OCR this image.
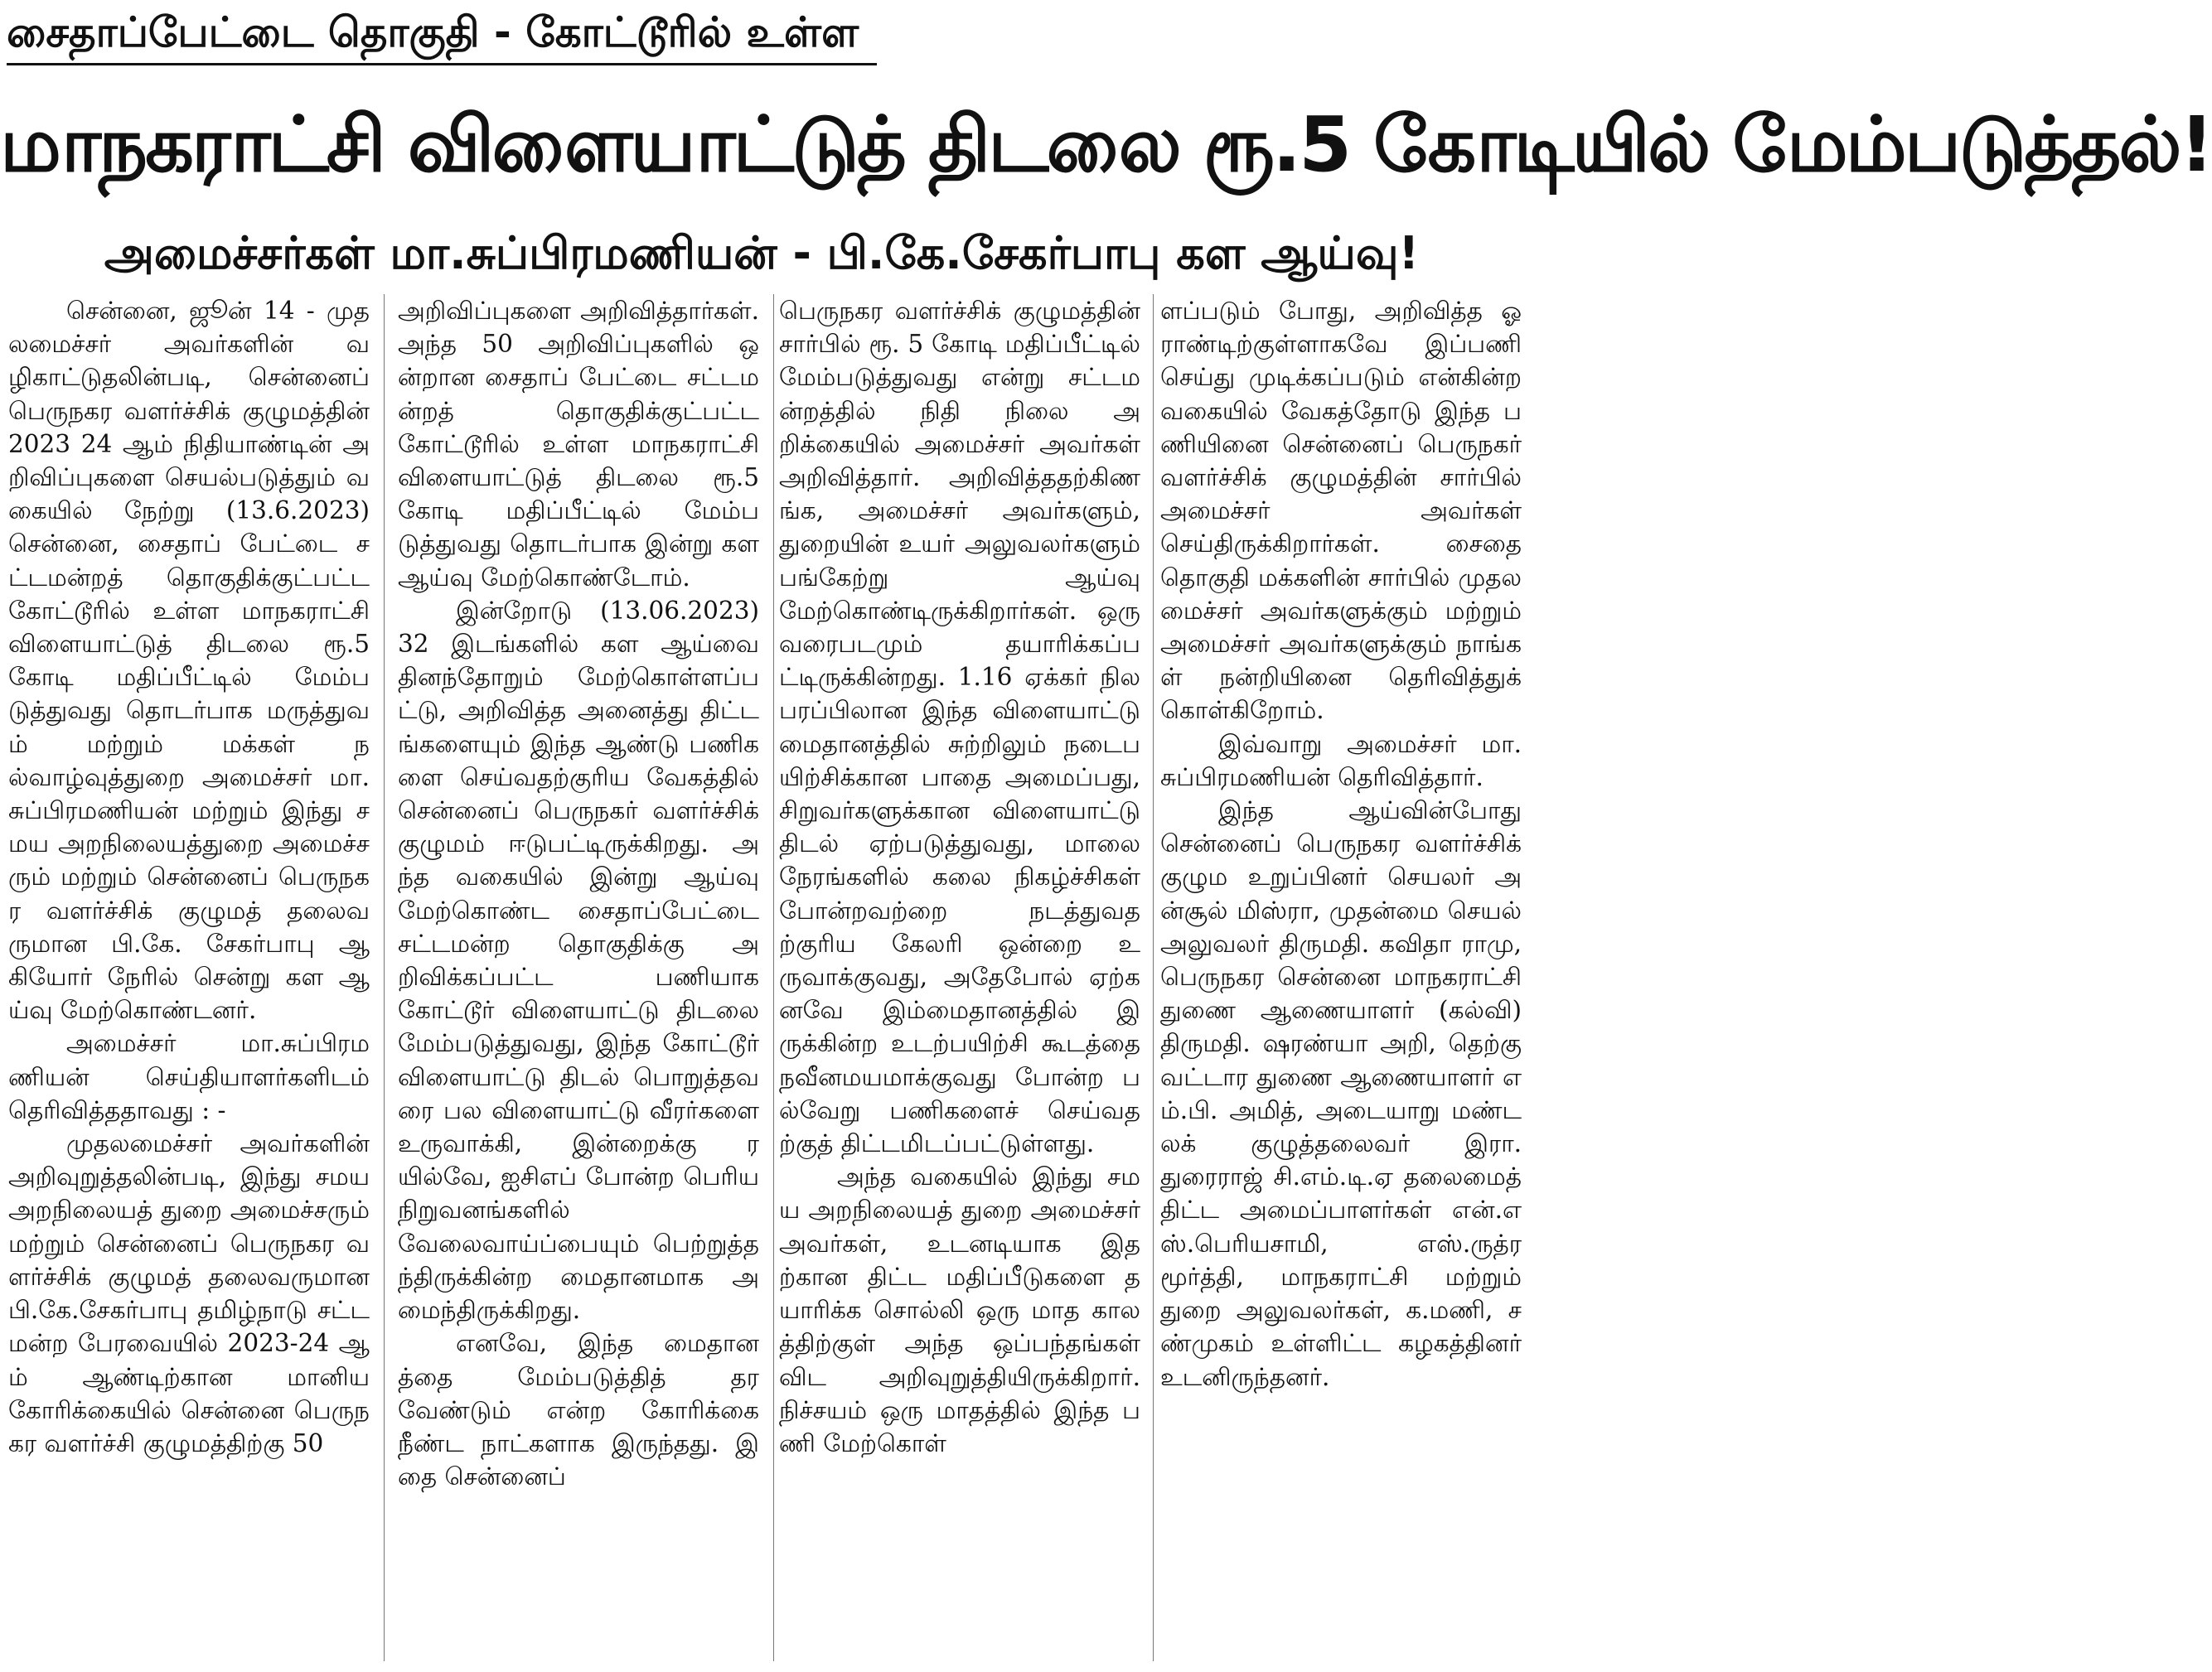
சைதாப்பேட்டை தொகுதி - கோட்டூரில் உள்ள
மாநகராட்சி விளையாட்டுத் திடலை ரூ.5 கோடியில் மேம்படுத்தல்!
அமைச்சர்கள் மா.சுப்பிரமணியன் - பி.கே.சேகர்பாபு கள ஆய்வு!

சென்னை, ஜூன் 14 - முதலமைச்சர் அவர்களின் வழிகாட்டுதலின்படி, சென்னைப் பெருநகர வளர்ச்சிக் குழுமத்தின் 2023 24 ஆம் நிதியாண்டின் அறிவிப்புகளை செயல்படுத்தும் வகையில் நேற்று (13.6.2023) சென்னை, சைதாப் பேட்டை சட்டமன்றத் தொகுதிக்குட்பட்ட கோட்டூரில் உள்ள மாநகராட்சி விளையாட்டுத் திடலை ரூ.5 கோடி மதிப்பீட்டில் மேம்படுத்துவது தொடர்பாக மருத்துவம் மற்றும் மக்கள் நல்வாழ்வுத்துறை அமைச்சர் மா.சுப்பிரமணியன் மற்றும் இந்து சமய அறநிலையத்துறை அமைச்சரும் மற்றும் சென்னைப் பெருநகர வளர்ச்சிக் குழுமத் தலைவருமான பி.கே. சேகர்பாபு ஆகியோர் நேரில் சென்று கள ஆய்வு மேற்கொண்டனர்.

அமைச்சர் மா.சுப்பிரமணியன் செய்தியாளர்களிடம் தெரிவித்ததாவது : -

முதலமைச்சர் அவர்களின் அறிவுறுத்தலின்படி, இந்து சமய அறநிலையத் துறை அமைச்சரும் மற்றும் சென்னைப் பெருநகர வளர்ச்சிக் குழுமத் தலைவருமான பி.கே.சேகர்பாபு தமிழ்நாடு சட்டமன்ற பேரவையில் 2023-24 ஆம் ஆண்டிற்கான மானிய கோரிக்கையில் சென்னை பெருநகர வளர்ச்சி குழுமத்திற்கு 50

அறிவிப்புகளை அறிவித்தார்கள். அந்த 50 அறிவிப்புகளில் ஒன்றான சைதாப் பேட்டை சட்டமன்றத் தொகுதிக்குட்பட்ட கோட்டூரில் உள்ள மாநகராட்சி விளையாட்டுத் திடலை ரூ.5 கோடி மதிப்பீட்டில் மேம்படுத்துவது தொடர்பாக இன்று கள ஆய்வு மேற்கொண்டோம்.

இன்றோடு (13.06.2023) 32 இடங்களில் கள ஆய்வை தினந்தோறும் மேற்கொள்ளப்பட்டு, அறிவித்த அனைத்து திட்டங்களையும் இந்த ஆண்டு பணிகளை செய்வதற்குரிய வேகத்தில் சென்னைப் பெருநகர் வளர்ச்சிக் குழுமம் ஈடுபட்டிருக்கிறது. அந்த வகையில் இன்று ஆய்வு மேற்கொண்ட சைதாப்பேட்டை சட்டமன்ற தொகுதிக்கு அறிவிக்கப்பட்ட பணியாக கோட்டூர் விளையாட்டு திடலை மேம்படுத்துவது, இந்த கோட்டூர் விளையாட்டு திடல் பொறுத்தவரை பல விளையாட்டு வீரர்களை உருவாக்கி, இன்றைக்கு ரயில்வே, ஐசிஎப் போன்ற பெரிய நிறுவனங்களில் வேலைவாய்ப்பையும் பெற்றுத்தந்திருக்கின்ற மைதானமாக அமைந்திருக்கிறது.

எனவே, இந்த மைதானத்தை மேம்படுத்தித் தர வேண்டும் என்ற கோரிக்கை நீண்ட நாட்களாக இருந்தது. இதை சென்னைப்

பெருநகர வளர்ச்சிக் குழுமத்தின் சார்பில் ரூ. 5 கோடி மதிப்பீட்டில் மேம்படுத்துவது என்று சட்டமன்றத்தில் நிதி நிலை அறிக்கையில் அமைச்சர் அவர்கள் அறிவித்தார். அறிவித்ததற்கிணங்க, அமைச்சர் அவர்களும், துறையின் உயர் அலுவலர்களும் பங்கேற்று ஆய்வு மேற்கொண்டிருக்கிறார்கள். ஒரு வரைபடமும் தயாரிக்கப்பட்டிருக்கின்றது. 1.16 ஏக்கர் நில பரப்பிலான இந்த விளையாட்டு மைதானத்தில் சுற்றிலும் நடைபயிற்சிக்கான பாதை அமைப்பது, சிறுவர்களுக்கான விளையாட்டு திடல் ஏற்படுத்துவது, மாலை நேரங்களில் கலை நிகழ்ச்சிகள் போன்றவற்றை நடத்துவதற்குரிய கேலரி ஒன்றை உருவாக்குவது, அதேபோல் ஏற்கனவே இம்மைதானத்தில் இருக்கின்ற உடற்பயிற்சி கூடத்தை நவீனமயமாக்குவது போன்ற பல்வேறு பணிகளைச் செய்வதற்குத் திட்டமிடப்பட்டுள்ளது.

அந்த வகையில் இந்து சமய அறநிலையத் துறை அமைச்சர் அவர்கள், உடனடியாக இதற்கான திட்ட மதிப்பீடுகளை தயாரிக்க சொல்லி ஒரு மாத காலத்திற்குள் அந்த ஒப்பந்தங்கள் விட அறிவுறுத்தியிருக்கிறார். நிச்சயம் ஒரு மாதத்தில் இந்த பணி மேற்கொள்

ளப்படும் போது, அறிவித்த ஓராண்டிற்குள்ளாகவே இப்பணி செய்து முடிக்கப்படும் என்கின்ற வகையில் வேகத்தோடு இந்த பணியினை சென்னைப் பெருநகர் வளர்ச்சிக் குழுமத்தின் சார்பில் அமைச்சர் அவர்கள் செய்திருக்கிறார்கள். சைதை தொகுதி மக்களின் சார்பில் முதலமைச்சர் அவர்களுக்கும் மற்றும் அமைச்சர் அவர்களுக்கும் நாங்கள் நன்றியினை தெரிவித்துக் கொள்கிறோம்.

இவ்வாறு அமைச்சர் மா.சுப்பிரமணியன் தெரிவித்தார்.

இந்த ஆய்வின்போது சென்னைப் பெருநகர வளர்ச்சிக் குழும உறுப்பினர் செயலர் அன்சூல் மிஸ்ரா, முதன்மை செயல் அலுவலர் திருமதி. கவிதா ராமு, பெருநகர சென்னை மாநகராட்சி துணை ஆணையாளர் (கல்வி) திருமதி. ஷரண்யா அறி, தெற்கு வட்டார துணை ஆணையாளர் எம்.பி. அமித், அடையாறு மண்டலக் குழுத்தலைவர் இரா.துரைராஜ் சி.எம்.டி.ஏ தலைமைத் திட்ட அமைப்பாளர்கள் என்.எஸ்.பெரியசாமி, எஸ்.ருத்ரமூர்த்தி, மாநகராட்சி மற்றும் துறை அலுவலர்கள், க.மணி, சண்முகம் உள்ளிட்ட கழகத்தினர் உடனிருந்தனர்.
